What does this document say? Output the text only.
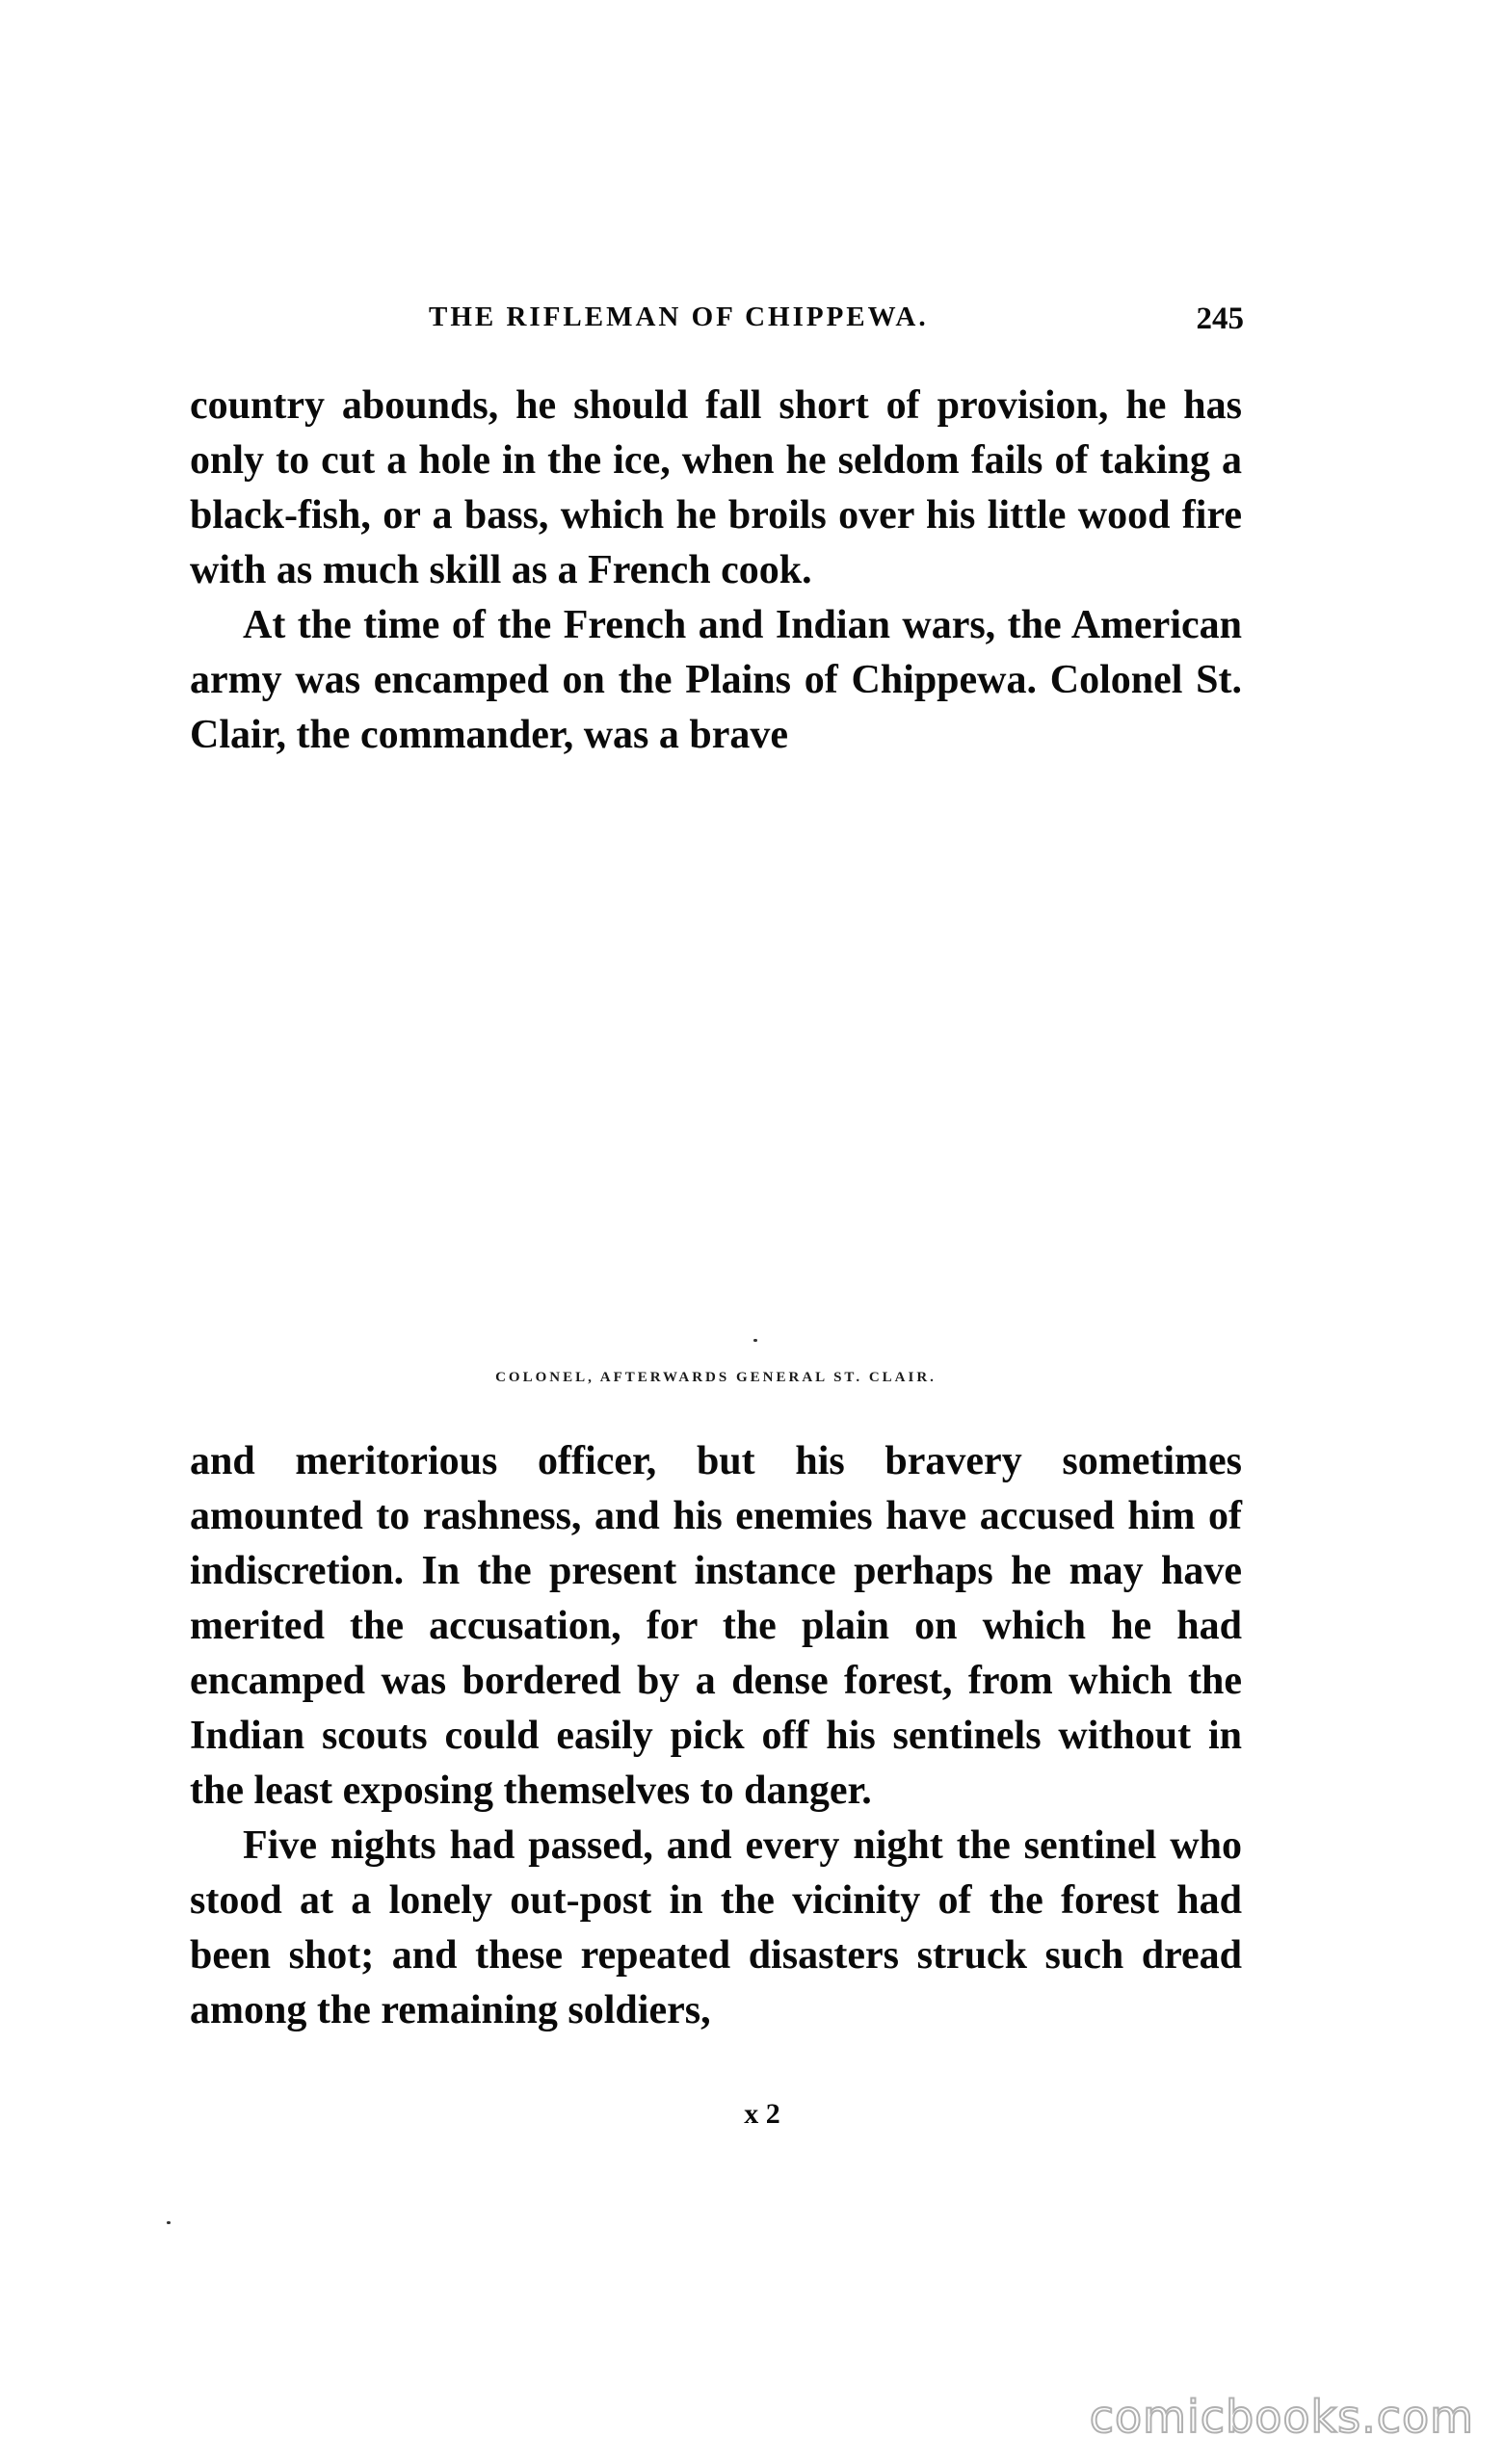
THE RIFLEMAN OF CHIPPEWA.	245

country abounds, he should fall short of provision, he has only to cut a hole in the ice, when he seldom fails of taking a black-fish, or a bass, which he broils over his little wood fire with as much skill as a French cook.

At the time of the French and Indian wars, the American army was encamped on the Plains of Chippewa. Colonel St. Clair, the commander, was a brave

COLONEL, AFTERWARDS GENERAL ST. CLAIR.

and meritorious officer, but his bravery sometimes amounted to rashness, and his enemies have accused him of indiscretion. In the present instance perhaps he may have merited the accusation, for the plain on which he had encamped was bordered by a dense forest, from which the Indian scouts could easily pick off his sentinels without in the least exposing themselves to danger.

Five nights had passed, and every night the sentinel who stood at a lonely out-post in the vicinity of the forest had been shot; and these repeated disasters struck such dread among the remaining soldiers,

x 2
comicbooks.com
